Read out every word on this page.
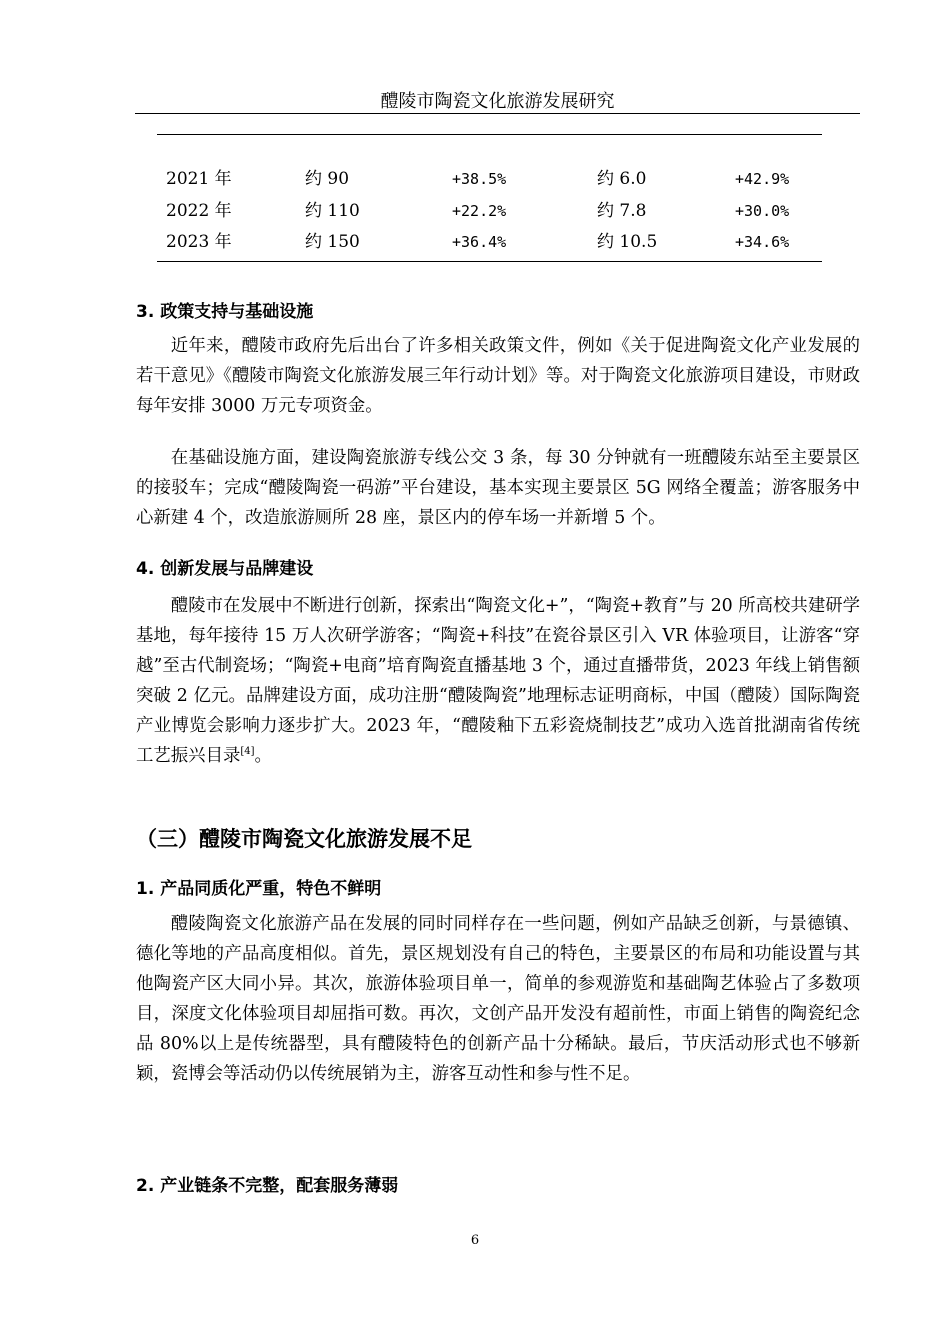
醴陵市陶瓷文化旅游发展研究
2021 年	约 90	+38.5%	约 6.0	+42.9%
2022 年	约 110	+22.2%	约 7.8	+30.0%
2023 年	约 150	+36.4%	约 10.5	+34.6%
3. 政策支持与基础设施

近年来，醴陵市政府先后出台了许多相关政策文件，例如《关于促进陶瓷文化产业发展的若干意见》《醴陵市陶瓷文化旅游发展三年行动计划》等。对于陶瓷文化旅游项目建设，市财政每年安排 3000 万元专项资金。

在基础设施方面，建设陶瓷旅游专线公交 3 条，每 30 分钟就有一班醴陵东站至主要景区的接驳车；完成“醴陵陶瓷一码游”平台建设，基本实现主要景区 5G 网络全覆盖；游客服务中心新建 4 个，改造旅游厕所 28 座，景区内的停车场一并新增 5 个。

4. 创新发展与品牌建设

醴陵市在发展中不断进行创新，探索出“陶瓷文化+”，“陶瓷+教育”与 20 所高校共建研学基地，每年接待 15 万人次研学游客；“陶瓷+科技”在瓷谷景区引入 VR 体验项目，让游客“穿越”至古代制瓷场；“陶瓷+电商”培育陶瓷直播基地 3 个，通过直播带货，2023 年线上销售额突破 2 亿元。品牌建设方面，成功注册“醴陵陶瓷”地理标志证明商标，中国（醴陵）国际陶瓷产业博览会影响力逐步扩大。2023 年，“醴陵釉下五彩瓷烧制技艺”成功入选首批湖南省传统工艺振兴目录[4]。

（三）醴陵市陶瓷文化旅游发展不足
1. 产品同质化严重，特色不鲜明

醴陵陶瓷文化旅游产品在发展的同时同样存在一些问题，例如产品缺乏创新，与景德镇、德化等地的产品高度相似。首先，景区规划没有自己的特色，主要景区的布局和功能设置与其他陶瓷产区大同小异。其次，旅游体验项目单一，简单的参观游览和基础陶艺体验占了多数项目，深度文化体验项目却屈指可数。再次，文创产品开发没有超前性，市面上销售的陶瓷纪念品 80%以上是传统器型，具有醴陵特色的创新产品十分稀缺。最后，节庆活动形式也不够新颖，瓷博会等活动仍以传统展销为主，游客互动性和参与性不足。

2. 产业链条不完整，配套服务薄弱
6
